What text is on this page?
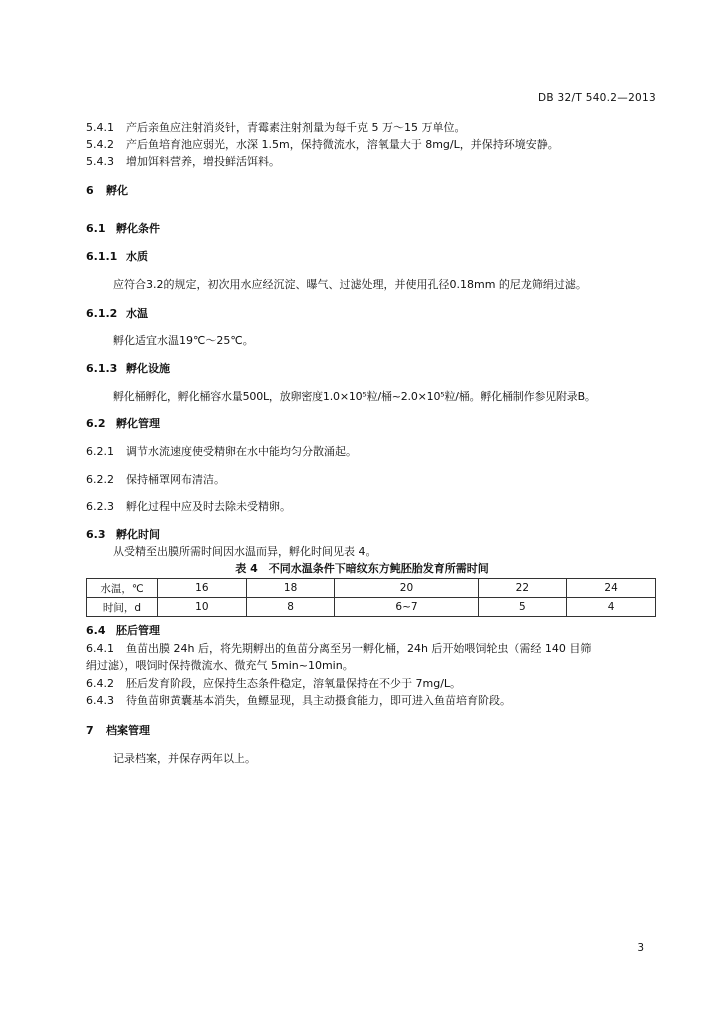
DB 32/T 540.2—2013
5.4.1 产后亲鱼应注射消炎针，青霉素注射剂量为每千克 5 万～15 万单位。
5.4.2 产后鱼培育池应弱光，水深 1.5m，保持微流水，溶氧量大于 8mg/L，并保持环境安静。
5.4.3 增加饵料营养，增投鲜活饵料。
6 孵化
6.1 孵化条件
6.1.1 水质
应符合3.2的规定，初次用水应经沉淀、曝气、过滤处理，并使用孔径0.18mm 的尼龙筛绢过滤。
6.1.2 水温
孵化适宜水温19℃～25℃。
6.1.3 孵化设施
孵化桶孵化，孵化桶容水量500L，放卵密度1.0×10⁵粒/桶~2.0×10⁵粒/桶。孵化桶制作参见附录B。
6.2 孵化管理
6.2.1 调节水流速度使受精卵在水中能均匀分散涌起。
6.2.2 保持桶罩网布清洁。
6.2.3 孵化过程中应及时去除未受精卵。
6.3 孵化时间
从受精至出膜所需时间因水温而异，孵化时间见表 4。
表 4　不同水温条件下暗纹东方鲀胚胎发育所需时间
水温，℃	16	18	20	22	24
时间，d	10	8	6~7	5	4
6.4 胚后管理
6.4.1 鱼苗出膜 24h 后，将先期孵出的鱼苗分离至另一孵化桶，24h 后开始喂饲轮虫（需经 140 目筛
绢过滤），喂饲时保持微流水、微充气 5min~10min。
6.4.2 胚后发育阶段，应保持生态条件稳定，溶氧量保持在不少于 7mg/L。
6.4.3 待鱼苗卵黄囊基本消失，鱼鳔显现，具主动摄食能力，即可进入鱼苗培育阶段。
7 档案管理
记录档案，并保存两年以上。
3
